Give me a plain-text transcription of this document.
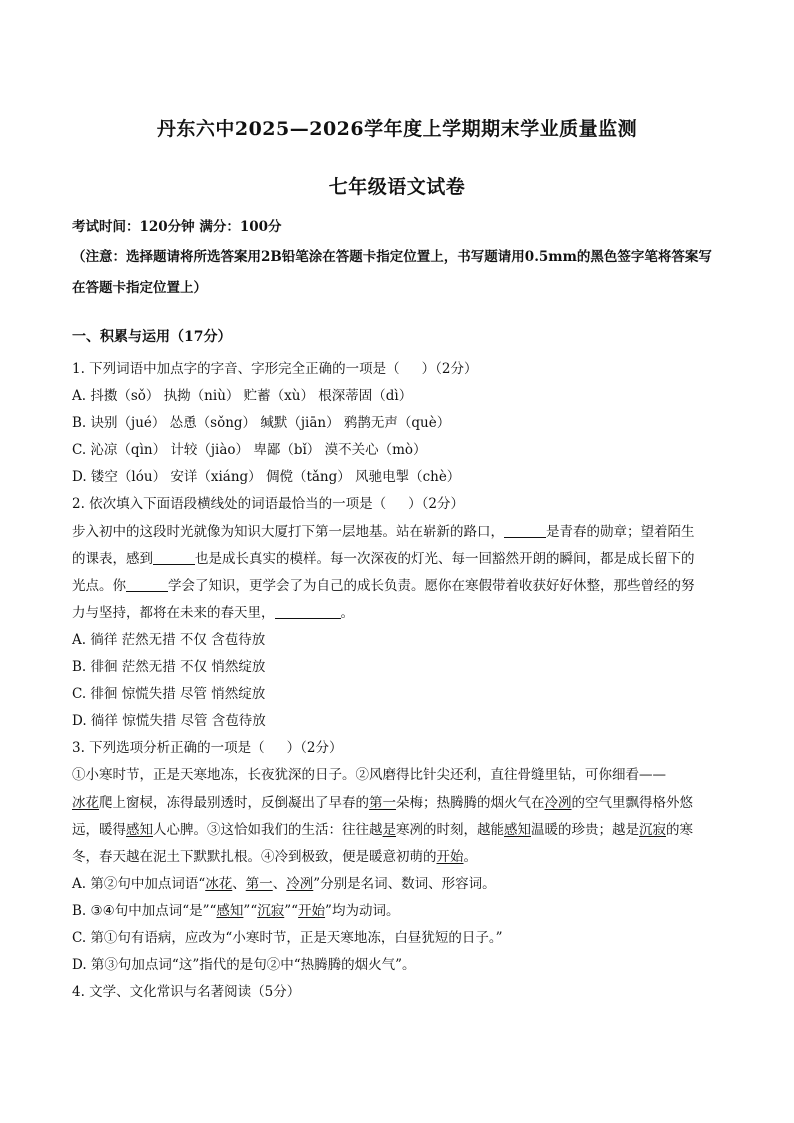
丹东六中2025—2026学年度上学期期末学业质量监测
七年级语文试卷
考试时间：120分钟 满分：100分
（注意：选择题请将所选答案用2B铅笔涂在答题卡指定位置上，书写题请用0.5mm的黑色签字笔将答案写在答题卡指定位置上）
一、积累与运用（17分）

1. 下列词语中加点字的字音、字形完全正确的一项是（ ）（2分）

A. 抖擞（sǒ） 执拗（niù） 贮蓄（xù） 根深蒂固（dì）

B. 诀别（jué） 怂恿（sǒng） 缄默（jiān） 鸦鹊无声（què）

C. 沁凉（qìn） 计较（jiào） 卑鄙（bǐ） 漠不关心（mò）

D. 镂空（lóu） 安详（xiáng） 倜傥（tǎng） 风驰电掣（chè）

2. 依次填入下面语段横线处的词语最恰当的一项是（ ）（2分）

步入初中的这段时光就像为知识大厦打下第一层地基。站在崭新的路口，	是青春的勋章；望着陌生

的课表，感到	也是成长真实的模样。每一次深夜的灯光、每一回豁然开朗的瞬间，都是成长留下的

光点。你	学会了知识，更学会了为自己的成长负责。愿你在寒假带着收获好好休整，那些曾经的努

力与坚持，都将在未来的春天里，	。

A. 徜徉 茫然无措 不仅 含苞待放

B. 徘徊 茫然无措 不仅 悄然绽放

C. 徘徊 惊慌失措 尽管 悄然绽放

D. 徜徉 惊慌失措 尽管 含苞待放

3. 下列选项分析正确的一项是（ ）（2分）

①小寒时节，正是天寒地冻，长夜犹深的日子。②风磨得比针尖还利，直往骨缝里钻，可你细看——

冰花爬上窗棂，冻得最别透时，反倒凝出了早春的第一朵梅；热腾腾的烟火气在冷冽的空气里飘得格外悠

远，暖得感知人心脾。③这恰如我们的生活：往往越是寒冽的时刻，越能感知温暖的珍贵；越是沉寂的寒

冬，春天越在泥土下默默扎根。④冷到极致，便是暖意初萌的开始。

A. 第②句中加点词语“冰花、第一、冷冽”分别是名词、数词、形容词。

B. ③④句中加点词“是”“感知”“沉寂”“开始”均为动词。

C. 第①句有语病，应改为“小寒时节，正是天寒地冻，白昼犹短的日子。”

D. 第③句加点词“这”指代的是句②中“热腾腾的烟火气”。

4. 文学、文化常识与名著阅读（5分）
